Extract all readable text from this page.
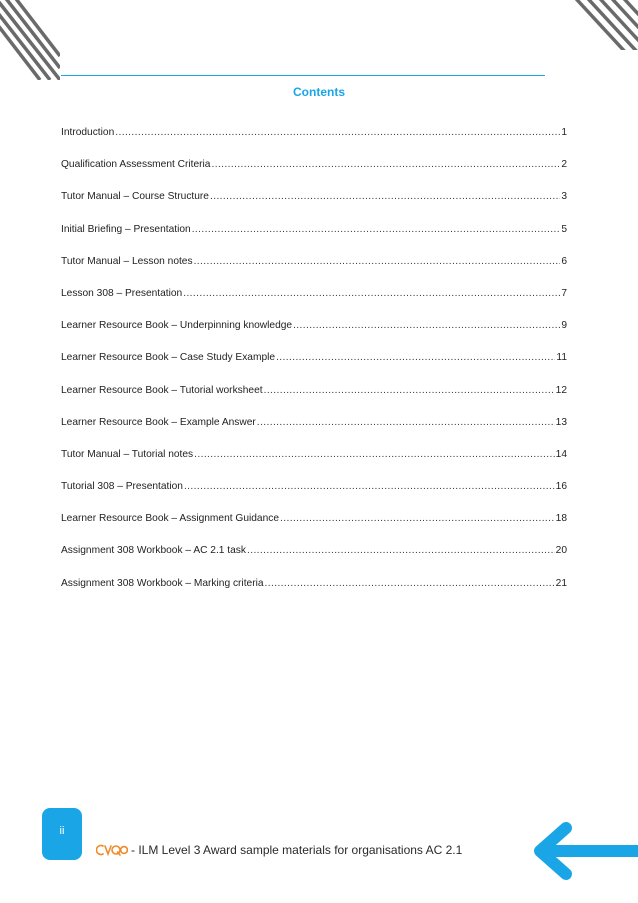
Contents
Introduction .....	1
Qualification Assessment Criteria .....	2
Tutor Manual – Course Structure .....	3
Initial Briefing – Presentation .....	5
Tutor Manual – Lesson notes .....	6
Lesson 308 – Presentation .....	7
Learner Resource Book – Underpinning knowledge .....	9
Learner Resource Book – Case Study Example .....	11
Learner Resource Book – Tutorial worksheet .....	12
Learner Resource Book – Example Answer .....	13
Tutor Manual – Tutorial notes .....	14
Tutorial 308 – Presentation .....	16
Learner Resource Book – Assignment Guidance .....	18
Assignment 308 Workbook – AC 2.1 task .....	20
Assignment 308 Workbook – Marking criteria .....	21
ii
- ILM Level 3 Award sample materials for organisations AC 2.1
